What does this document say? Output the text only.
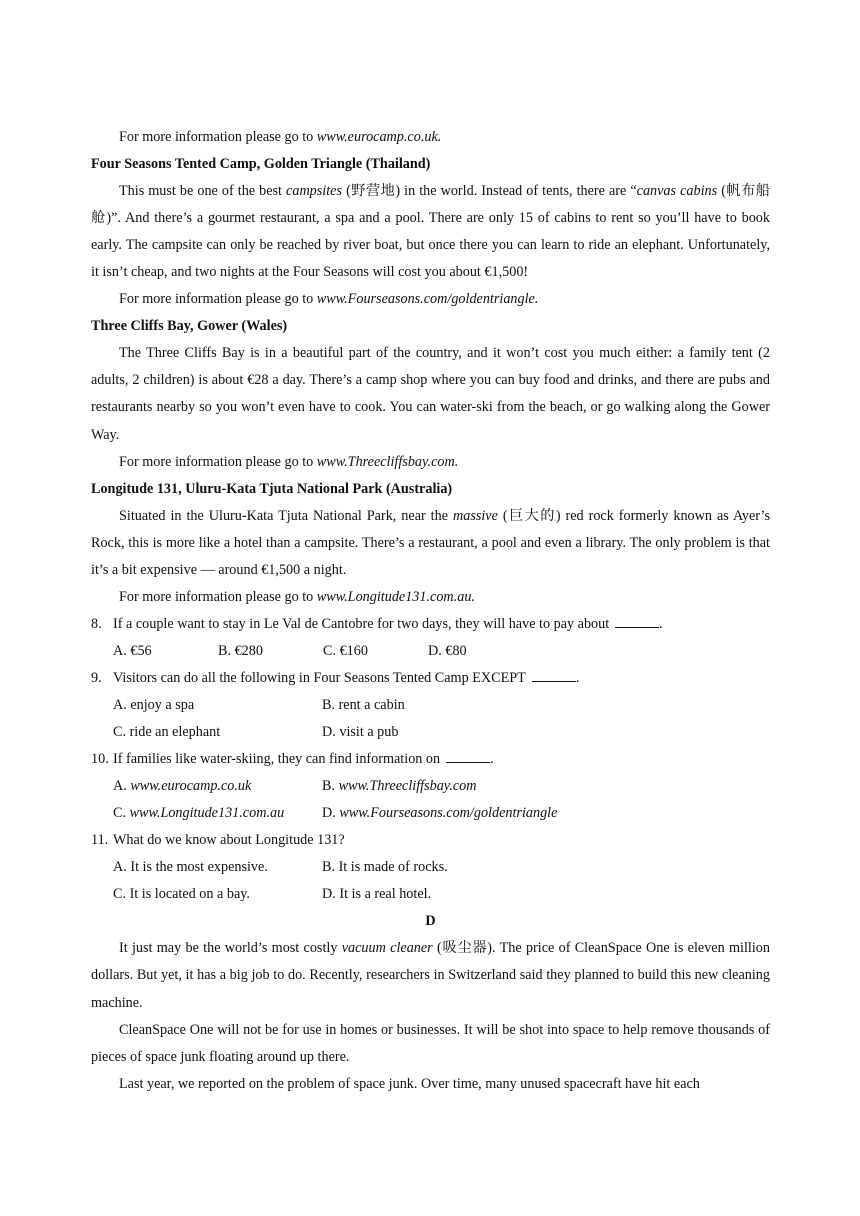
For more information please go to www.eurocamp.co.uk.

Four Seasons Tented Camp, Golden Triangle (Thailand)

This must be one of the best campsites (野营地) in the world. Instead of tents, there are “canvas cabins (帆布船舱)”. And there’s a gourmet restaurant, a spa and a pool. There are only 15 of cabins to rent so you’ll have to book early. The campsite can only be reached by river boat, but once there you can learn to ride an elephant. Unfortunately, it isn’t cheap, and two nights at the Four Seasons will cost you about €1,500!

For more information please go to www.Fourseasons.com/goldentriangle.

Three Cliffs Bay, Gower (Wales)

The Three Cliffs Bay is in a beautiful part of the country, and it won’t cost you much either: a family tent (2 adults, 2 children) is about €28 a day. There’s a camp shop where you can buy food and drinks, and there are pubs and restaurants nearby so you won’t even have to cook. You can water-ski from the beach, or go walking along the Gower Way.

For more information please go to www.Threecliffsbay.com.

Longitude 131, Uluru-Kata Tjuta National Park (Australia)

Situated in the Uluru-Kata Tjuta National Park, near the massive (巨大的) red rock formerly known as Ayer’s Rock, this is more like a hotel than a campsite. There’s a restaurant, a pool and even a library. The only problem is that it’s a bit expensive — around €1,500 a night.

For more information please go to www.Longitude131.com.au.

8. If a couple want to stay in Le Val de Cantobre for two days, they will have to pay about	.
A. €56	B. €280	C. €160	D. €80
9. Visitors can do all the following in Four Seasons Tented Camp EXCEPT	.
A. enjoy a spa	B. rent a cabin
C. ride an elephant	D. visit a pub
10. If families like water-skiing, they can find information on	.
A. www.eurocamp.co.uk	B. www.Threecliffsbay.com
C. www.Longitude131.com.au	D. www.Fourseasons.com/goldentriangle
11. What do we know about Longitude 131?
A. It is the most expensive.	B. It is made of rocks.
C. It is located on a bay.	D. It is a real hotel.

D

It just may be the world’s most costly vacuum cleaner (吸尘器). The price of CleanSpace One is eleven million dollars. But yet, it has a big job to do. Recently, researchers in Switzerland said they planned to build this new cleaning machine.

CleanSpace One will not be for use in homes or businesses. It will be shot into space to help remove thousands of pieces of space junk floating around up there.

Last year, we reported on the problem of space junk. Over time, many unused spacecraft have hit each
